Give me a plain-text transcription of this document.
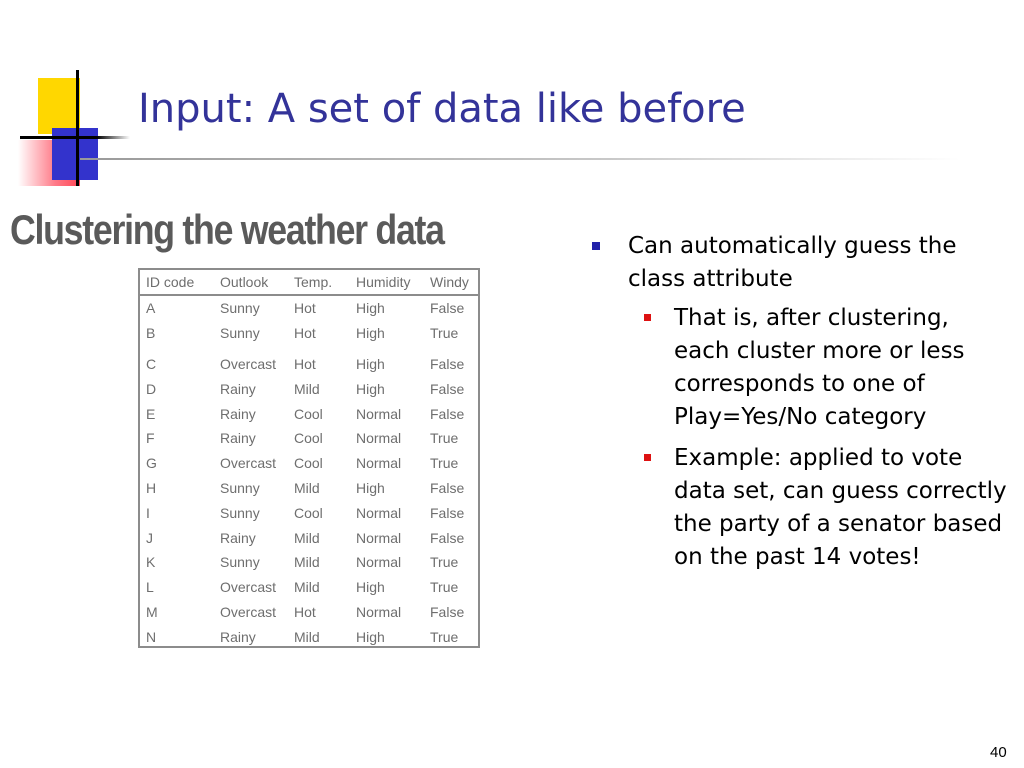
Input: A set of data like before
Clustering the weather data
ID code	Outlook	Temp.	Humidity	Windy
A	Sunny	Hot	High	False
B	Sunny	Hot	High	True
C	Overcast	Hot	High	False
D	Rainy	Mild	High	False
E	Rainy	Cool	Normal	False
F	Rainy	Cool	Normal	True
G	Overcast	Cool	Normal	True
H	Sunny	Mild	High	False
I	Sunny	Cool	Normal	False
J	Rainy	Mild	Normal	False
K	Sunny	Mild	Normal	True
L	Overcast	Mild	High	True
M	Overcast	Hot	Normal	False
N	Rainy	Mild	High	True
Can automatically guess the class attribute
That is, after clustering, each cluster more or less corresponds to one of Play=Yes/No category
Example: applied to vote data set, can guess correctly the party of a senator based on the past 14 votes!
40
